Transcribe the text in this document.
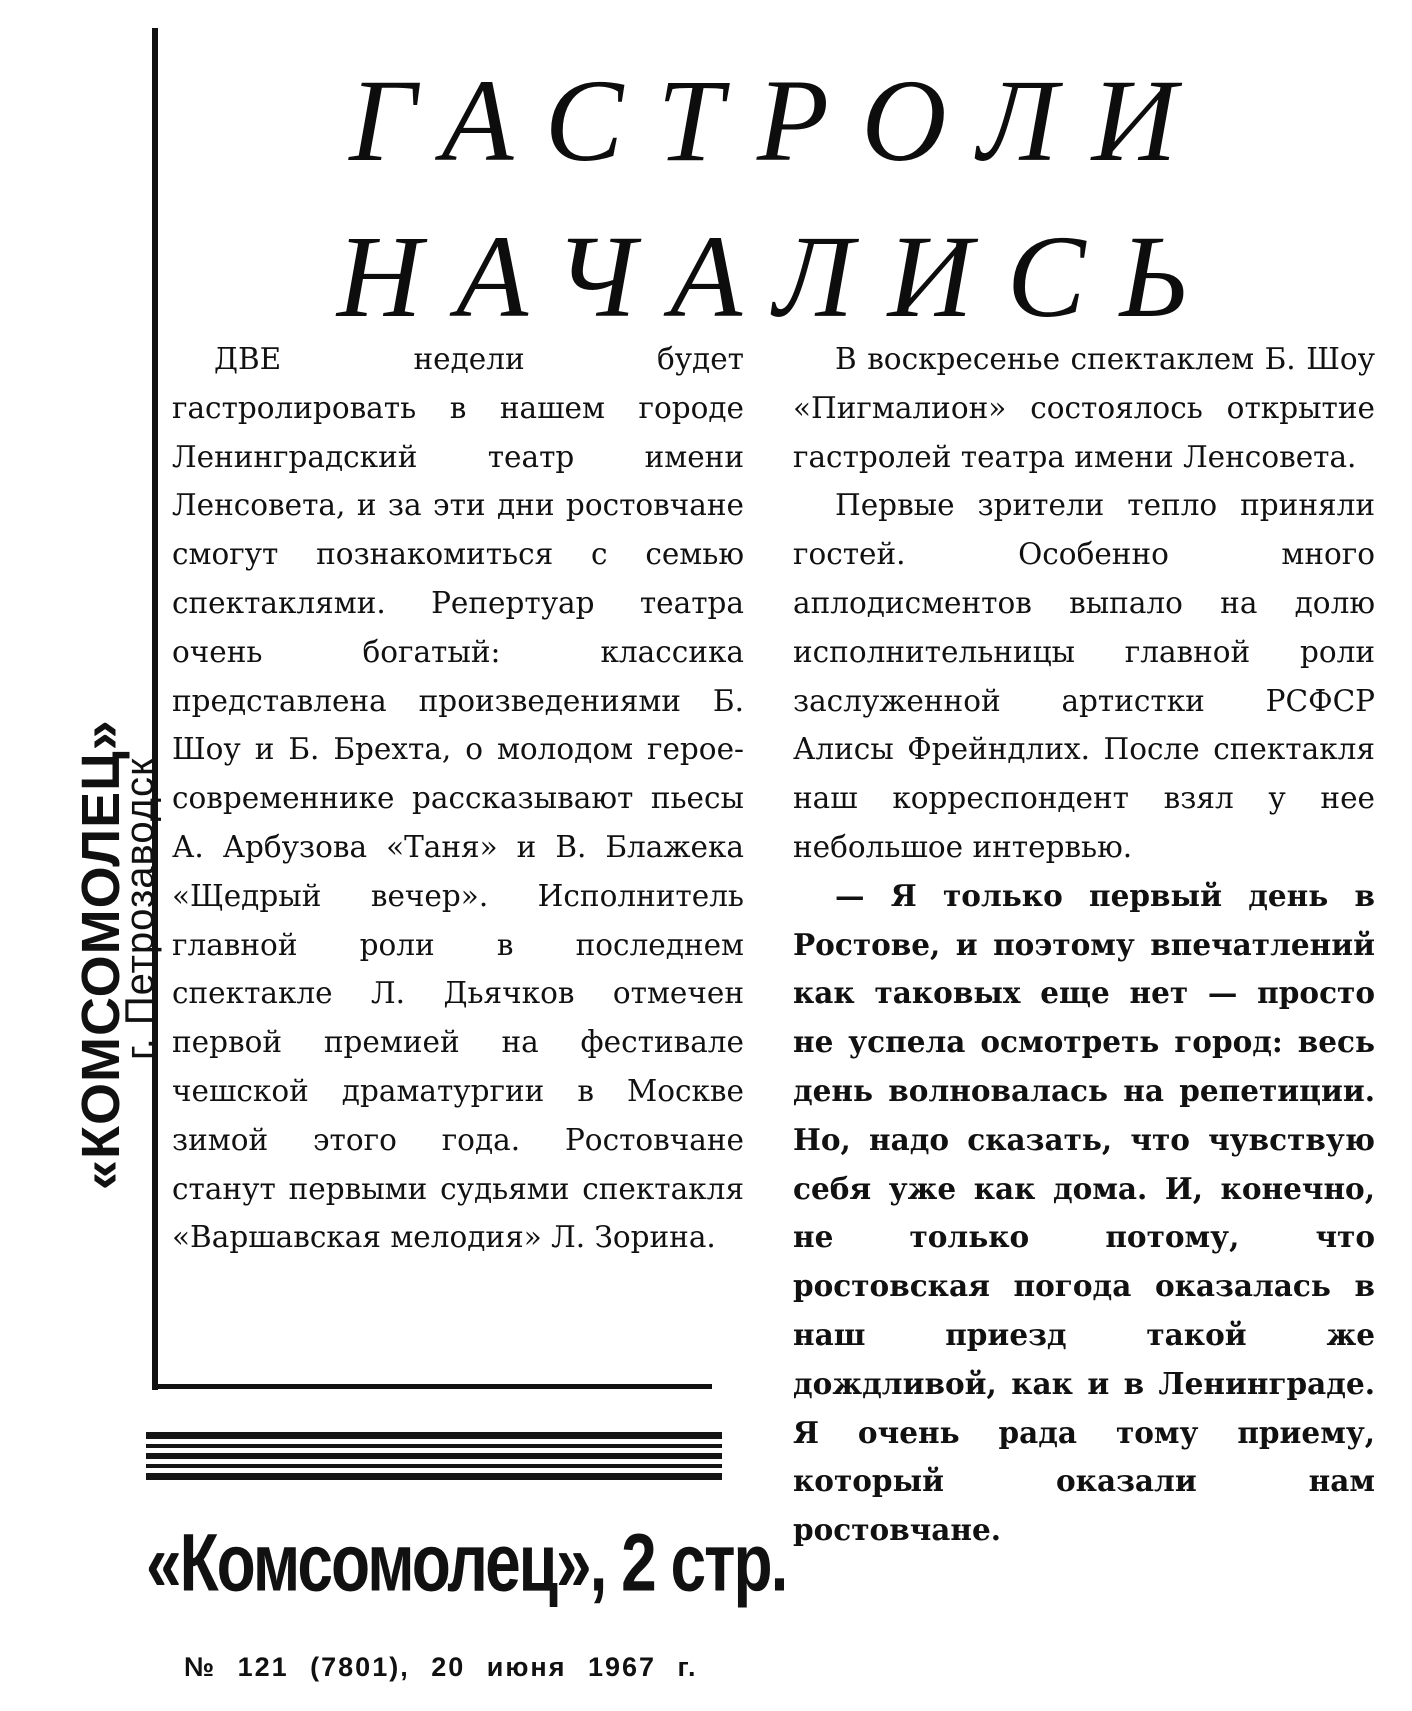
«КОМСОМОЛЕЦ»
г. Петрозаводск
ГАСТРОЛИ
НАЧАЛИСЬ

ДВЕ недели будет гастролировать в нашем городе Ленинградский театр имени Ленсовета, и за эти дни ростовчане смогут познакомиться с семью спектаклями. Репертуар театра очень богатый: классика представлена произведениями Б. Шоу и Б. Брехта, о молодом герое-современнике рассказывают пьесы А. Арбузова «Таня» и В. Блажека «Щедрый вечер». Исполнитель главной роли в последнем спектакле Л. Дьячков отмечен первой премией на фестивале чешской драматургии в Москве зимой этого года. Ростовчане станут первыми судьями спектакля «Варшавская мелодия» Л. Зорина.

В воскресенье спектаклем Б. Шоу «Пигмалион» состоялось открытие гастролей театра имени Ленсовета.

Первые зрители тепло приняли гостей. Особенно много аплодисментов выпало на долю исполнительницы главной роли заслуженной артистки РСФСР Алисы Фрейндлих. После спектакля наш корреспондент взял у нее небольшое интервью.

— Я только первый день в Ростове, и поэтому впечатлений как таковых еще нет — просто не успела осмотреть город: весь день волновалась на репетиции. Но, надо сказать, что чувствую себя уже как дома. И, конечно, не только потому, что ростовская погода оказалась в наш приезд такой же дождливой, как и в Ленинграде. Я очень рада тому приему, который оказали нам ростовчане.

«Комсомолец», 2 стр.
№ 121 (7801), 20 июня 1967 г.
